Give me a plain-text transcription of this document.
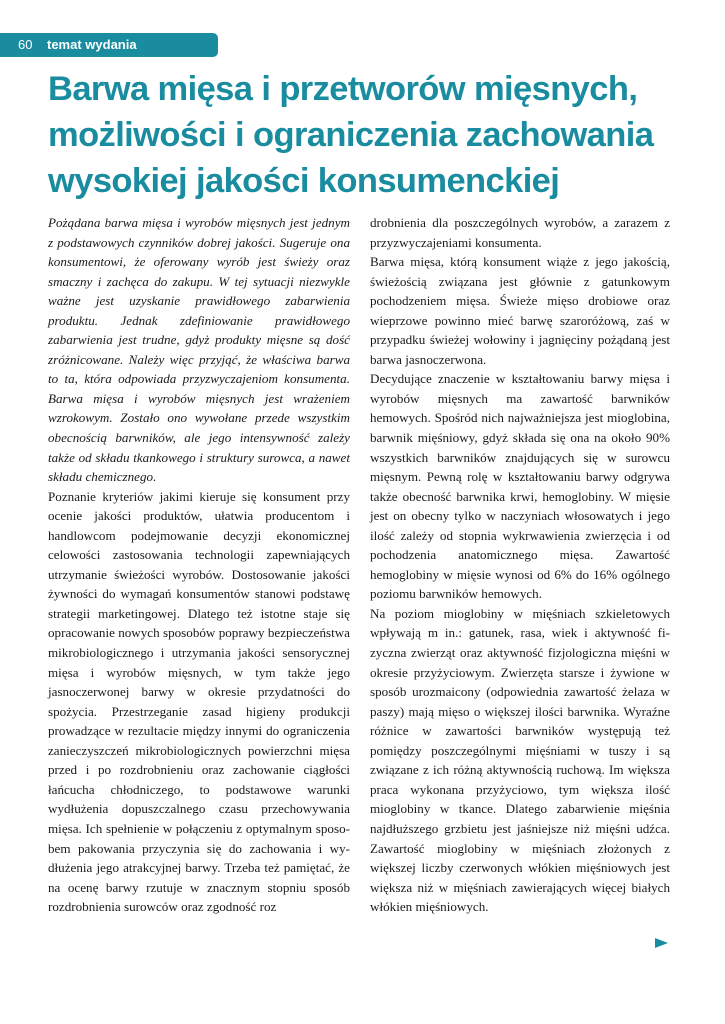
60 temat wydania
Barwa mięsa i przetworów mięsnych,
możliwości i ograniczenia zachowania
wysokiej jakości konsumenckiej

Pożądana barwa mięsa i wyrobów mięsnych jest jednym z podstawowych czynników dobrej jakości. Sugeruje ona konsumentowi, że oferowany wyrób jest świeży oraz smaczny i zachęca do zakupu. W tej sytuacji niezwykle ważne jest uzyskanie prawidłowego zabarwienia produktu. Jednak zdefiniowanie prawidłowego zabarwienia jest trudne, gdyż produkty mięsne są dość zróżnicowane. Należy więc przyjąć, że właściwa barwa to ta, która odpowiada przyzwyczajeniom konsumenta. Barwa mięsa i wyrobów mięsnych jest wrażeniem wzrokowym. Zostało ono wywołane przede wszystkim obecnością barwników, ale jego intensywność zależy także od składu tkankowego i struktury surowca, a nawet składu chemicznego.

Poznanie kryteriów jakimi kieruje się konsument przy ocenie jakości produktów, ułatwia producentom i handlowcom podejmowanie decyzji ekonomicznej celowości zastosowania technologii zapewniających utrzymanie świeżości wyrobów. Dostosowanie jakości żywności do wymagań konsumentów stanowi podstawę strategii marketingowej. Dlatego też istotne staje się opracowanie nowych sposobów poprawy bezpieczeństwa mikrobiologicznego i utrzymania jakości sensorycznej mięsa i wyrobów mięsnych, w tym także jego jasnoczerwonej barwy w okresie przydatności do spożycia. Przestrzeganie zasad higieny produkcji prowadzące w rezultacie między innymi do ograniczenia zanieczyszczeń mikrobiologicznych powierzchni mięsa przed i po rozdrobnieniu oraz zachowanie ciągłości łańcucha chłodniczego, to podstawowe warunki wydłużenia dopuszczalnego czasu przechowywania mięsa. Ich spełnienie w połączeniu z optymalnym sposobem pakowania przyczynia się do zachowania i wydłużenia jego atrakcyjnej barwy. Trzeba też pamiętać, że na ocenę barwy rzutuje w znacznym stopniu sposób rozdrobnienia surowców oraz zgodność roz

drobnienia dla poszczególnych wyrobów, a zarazem z przyzwyczajeniami konsumenta.

Barwa mięsa, którą konsument wiąże z jego jakością, świeżością związana jest głównie z gatunkowym pochodzeniem mięsa. Świeże mięso drobiowe oraz wieprzowe powinno mieć barwę szaroróżową, zaś w przypadku świeżej wołowiny i jagnięciny pożądaną jest barwa jasnoczerwona.

Decydujące znaczenie w kształtowaniu barwy mięsa i wyrobów mięsnych ma zawartość barwników hemowych. Spośród nich najważniejsza jest mioglobina, barwnik mięśniowy, gdyż składa się ona na około 90% wszystkich barwników znajdujących się w surowcu mięsnym. Pewną rolę w kształtowaniu barwy odgrywa także obecność barwnika krwi, hemoglobiny. W mięsie jest on obecny tylko w naczyniach włosowatych i jego ilość zależy od stopnia wykrwawienia zwierzęcia i od pochodzenia anatomicznego mięsa. Zawartość hemoglobiny w mięsie wynosi od 6% do 16% ogólnego poziomu barwników hemowych.

Na poziom mioglobiny w mięśniach szkieletowych wpływają m in.: gatunek, rasa, wiek i aktywność fizyczna zwierząt oraz aktywność fizjologiczna mięśni w okresie przyżyciowym. Zwierzęta starsze i żywione w sposób urozmaicony (odpowiednia zawartość żelaza w paszy) mają mięso o większej ilości barwnika. Wyraźne różnice w zawartości barwników występują też pomiędzy poszczególnymi mięśniami w tuszy i są związane z ich różną aktywnością ruchową. Im większa praca wykonana przyżyciowo, tym większa ilość mioglobiny w tkance. Dlatego zabarwienie mięśnia najdłuższego grzbietu jest jaśniejsze niż mięśni udźca. Zawartość mioglobiny w mięśniach złożonych z większej liczby czerwonych włókien mięśniowych jest większa niż w mięśniach zawierających więcej białych włókien mięśniowych.
